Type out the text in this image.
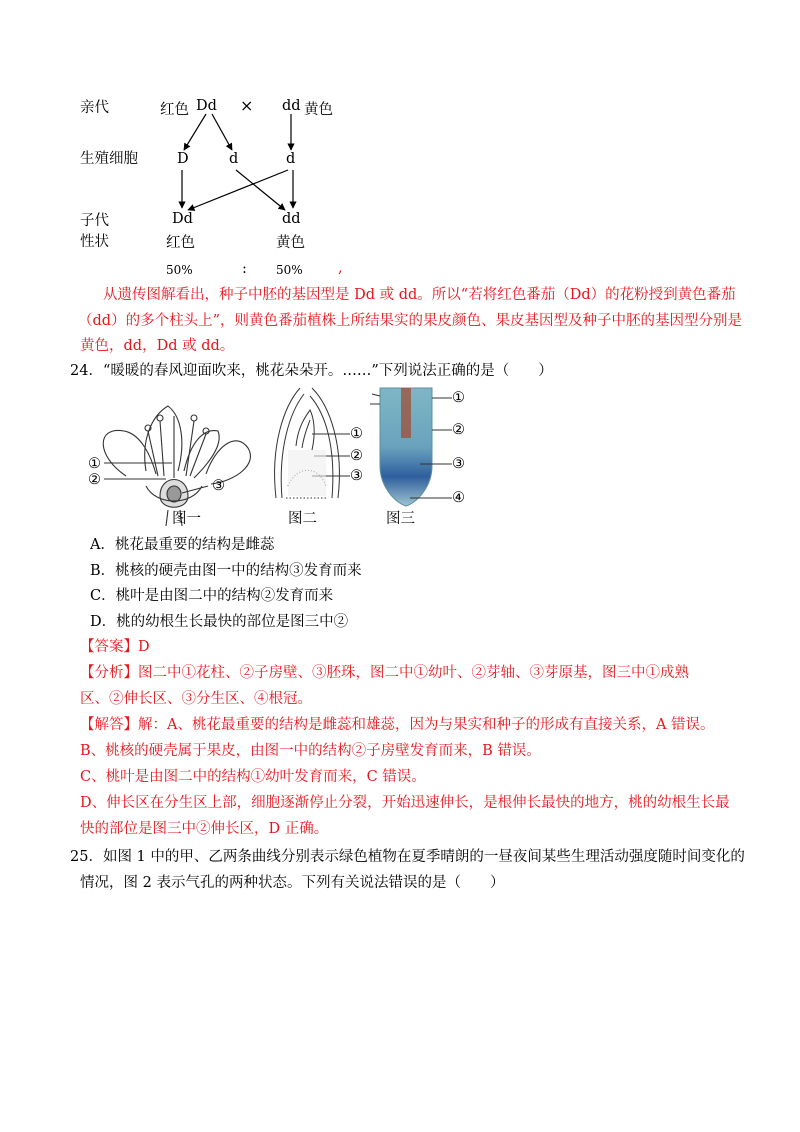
亲代
生殖细胞
子代
性状
红色 Dd × dd 黄色
D	d	d
Dd	dd
红色	黄色
50%	: 50% ,
从遗传图解看出，种子中胚的基因型是 Dd 或 dd。所以“若将红色番茄（Dd）的花粉授到黄色番茄
（dd）的多个柱头上”，则黄色番茄植株上所结果实的果皮颜色、果皮基因型及种子中胚的基因型分别是
黄色，dd，Dd 或 dd。
24．“暖暖的春风迎面吹来，桃花朵朵开。……”下列说法正确的是（　　）
①
②	③
图一
①
②
③
图二
①
②
③
④
图三
A．桃花最重要的结构是雌蕊
B．桃核的硬壳由图一中的结构③发育而来
C．桃叶是由图二中的结构②发育而来
D．桃的幼根生长最快的部位是图三中②
【答案】D
【分析】图二中①花柱、②子房壁、③胚珠，图二中①幼叶、②芽轴、③芽原基，图三中①成熟
区、②伸长区、③分生区、④根冠。
【解答】解：A、桃花最重要的结构是雌蕊和雄蕊，因为与果实和种子的形成有直接关系，A 错误。
B、桃核的硬壳属于果皮，由图一中的结构②子房壁发育而来，B 错误。
C、桃叶是由图二中的结构①幼叶发育而来，C 错误。
D、伸长区在分生区上部，细胞逐渐停止分裂，开始迅速伸长，是根伸长最快的地方，桃的幼根生长最
快的部位是图三中②伸长区，D 正确。
25．如图 1 中的甲、乙两条曲线分别表示绿色植物在夏季晴朗的一昼夜间某些生理活动强度随时间变化的
情况，图 2 表示气孔的两种状态。下列有关说法错误的是（　　）
